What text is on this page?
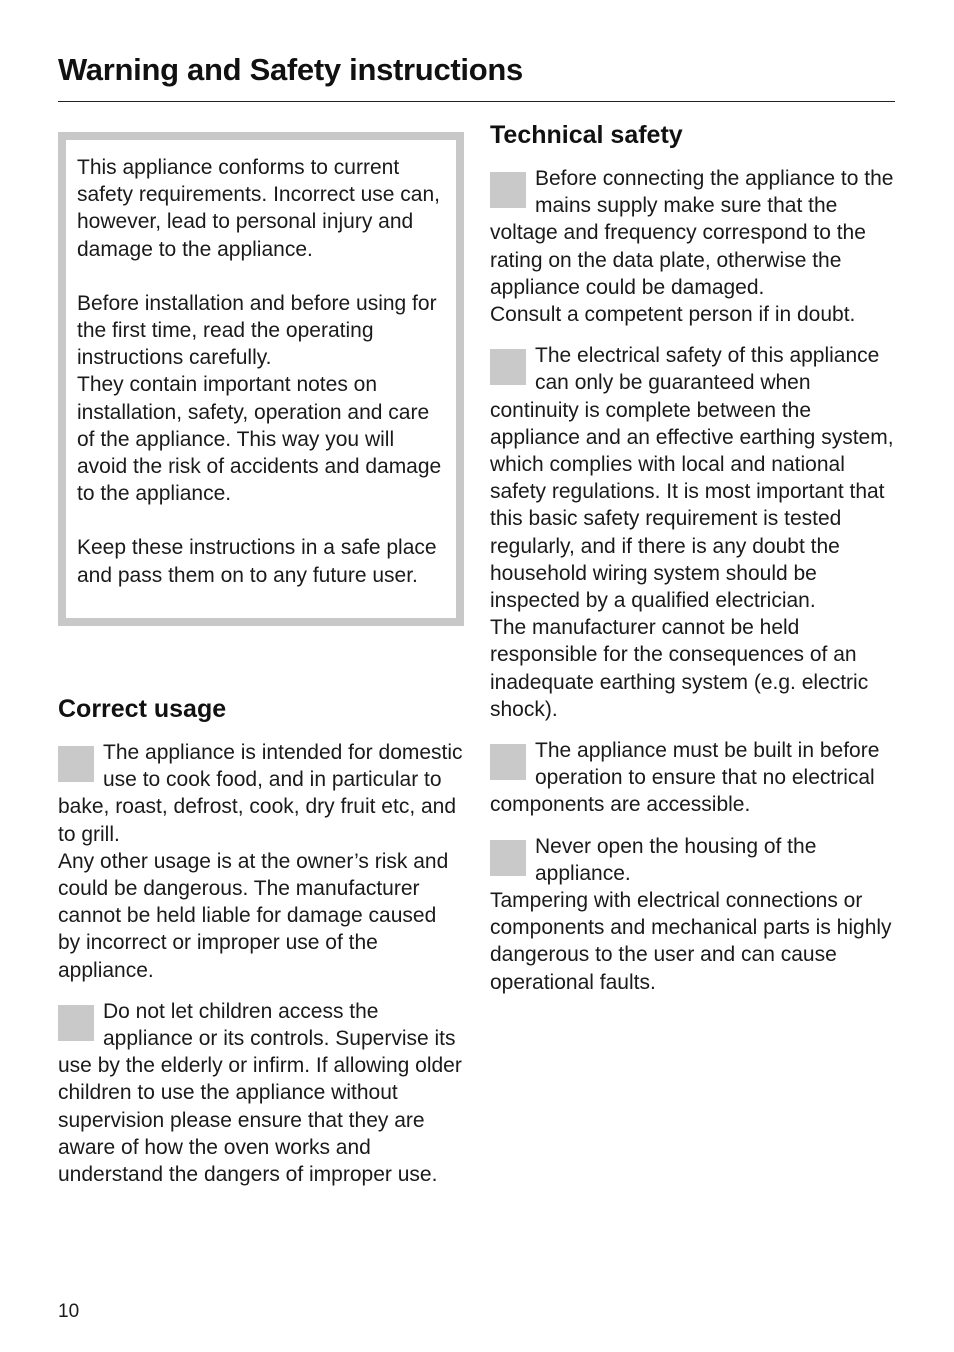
Warning and Safety instructions

This appliance conforms to current safety requirements. Incorrect use can, however, lead to personal injury and damage to the appliance.

Before installation and before using for the first time, read the operating instructions carefully.
They contain important notes on installation, safety, operation and care of the appliance. This way you will avoid the risk of accidents and damage to the appliance.

Keep these instructions in a safe place and pass them on to any future user.

Correct usage
The appliance is intended for domestic use to cook food, and in particular to bake, roast, defrost, cook, dry fruit etc, and to grill.
Any other usage is at the owner’s risk and could be dangerous. The manufacturer cannot be held liable for damage caused by incorrect or improper use of the appliance.
Do not let children access the appliance or its controls. Supervise its use by the elderly or infirm. If allowing older children to use the appliance without supervision please ensure that they are aware of how the oven works and understand the dangers of improper use.
Technical safety
Before connecting the appliance to the mains supply make sure that the voltage and frequency correspond to the rating on the data plate, otherwise the appliance could be damaged.
Consult a competent person if in doubt.
The electrical safety of this appliance can only be guaranteed when continuity is complete between the appliance and an effective earthing system, which complies with local and national safety regulations. It is most important that this basic safety requirement is tested regularly, and if there is any doubt the household wiring system should be inspected by a qualified electrician.
The manufacturer cannot be held responsible for the consequences of an inadequate earthing system (e.g. electric shock).
The appliance must be built in before operation to ensure that no electrical components are accessible.
Never open the housing of the appliance.
Tampering with electrical connections or components and mechanical parts is highly dangerous to the user and can cause operational faults.
10
